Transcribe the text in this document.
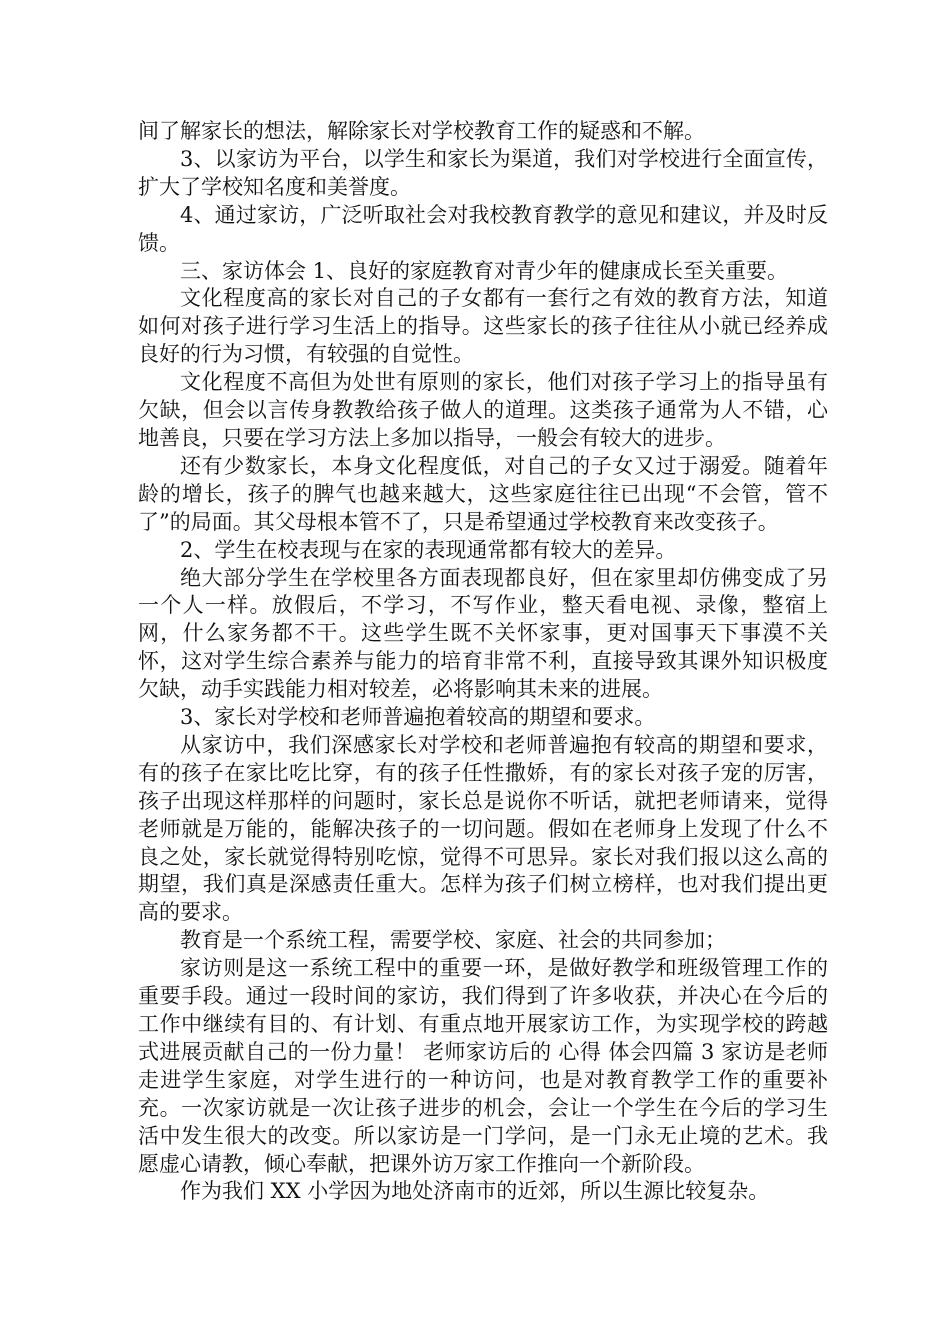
间了解家长的想法，解除家长对学校教育工作的疑惑和不解。

3、以家访为平台，以学生和家长为渠道，我们对学校进行全面宣传，扩大了学校知名度和美誉度。

4、通过家访，广泛听取社会对我校教育教学的意见和建议，并及时反馈。

三、家访体会 1、良好的家庭教育对青少年的健康成长至关重要。

文化程度高的家长对自己的子女都有一套行之有效的教育方法，知道如何对孩子进行学习生活上的指导。这些家长的孩子往往从小就已经养成良好的行为习惯，有较强的自觉性。

文化程度不高但为处世有原则的家长，他们对孩子学习上的指导虽有欠缺，但会以言传身教教给孩子做人的道理。这类孩子通常为人不错，心地善良，只要在学习方法上多加以指导，一般会有较大的进步。

还有少数家长，本身文化程度低，对自己的子女又过于溺爱。随着年龄的增长，孩子的脾气也越来越大，这些家庭往往已出现“不会管，管不了”的局面。其父母根本管不了，只是希望通过学校教育来改变孩子。

2、学生在校表现与在家的表现通常都有较大的差异。

绝大部分学生在学校里各方面表现都良好，但在家里却仿佛变成了另一个人一样。放假后，不学习，不写作业，整天看电视、录像，整宿上网，什么家务都不干。这些学生既不关怀家事，更对国事天下事漠不关怀，这对学生综合素养与能力的培育非常不利，直接导致其课外知识极度欠缺，动手实践能力相对较差，必将影响其未来的进展。

3、家长对学校和老师普遍抱着较高的期望和要求。

从家访中，我们深感家长对学校和老师普遍抱有较高的期望和要求，有的孩子在家比吃比穿，有的孩子任性撒娇，有的家长对孩子宠的厉害，孩子出现这样那样的问题时，家长总是说你不听话，就把老师请来，觉得老师就是万能的，能解决孩子的一切问题。假如在老师身上发现了什么不良之处，家长就觉得特别吃惊，觉得不可思异。家长对我们报以这么高的期望，我们真是深感责任重大。怎样为孩子们树立榜样，也对我们提出更高的要求。

教育是一个系统工程，需要学校、家庭、社会的共同参加；

家访则是这一系统工程中的重要一环，是做好教学和班级管理工作的重要手段。通过一段时间的家访，我们得到了许多收获，并决心在今后的工作中继续有目的、有计划、有重点地开展家访工作，为实现学校的跨越式进展贡献自己的一份力量！ 老师家访后的 心得 体会四篇 3 家访是老师走进学生家庭，对学生进行的一种访问，也是对教育教学工作的重要补充。一次家访就是一次让孩子进步的机会，会让一个学生在今后的学习生活中发生很大的改变。所以家访是一门学问，是一门永无止境的艺术。我愿虚心请教，倾心奉献，把课外访万家工作推向一个新阶段。

作为我们 XX 小学因为地处济南市的近郊，所以生源比较复杂。
